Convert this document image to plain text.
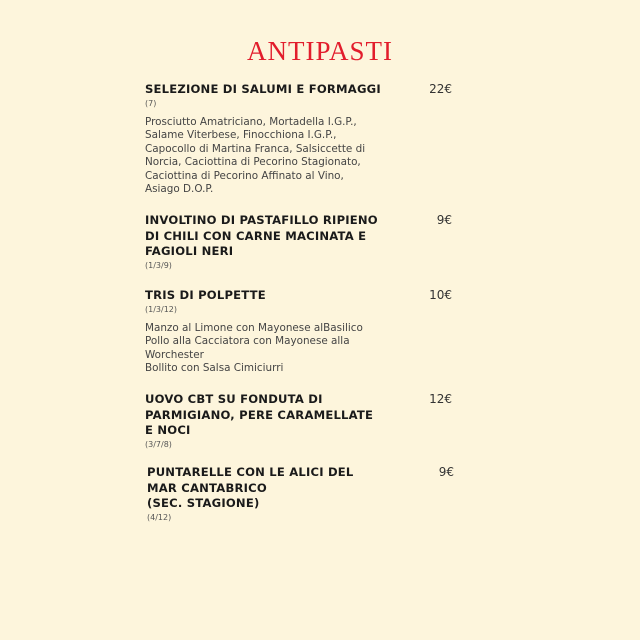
ANTIPASTI
SELEZIONE DI SALUMI E FORMAGGI	22€
(7)
Prosciutto Amatriciano, Mortadella I.G.P.,
Salame Viterbese, Finocchiona I.G.P.,
Capocollo di Martina Franca, Salsiccette di
Norcia, Caciottina di Pecorino Stagionato,
Caciottina di Pecorino Affinato al Vino,
Asiago D.O.P.
INVOLTINO DI PASTAFILLO RIPIENO
DI CHILI CON CARNE MACINATA E
FAGIOLI NERI
9€
(1/3/9)
TRIS DI POLPETTE	10€
(1/3/12)
Manzo al Limone con Mayonese alBasilico
Pollo alla Cacciatora con Mayonese alla
Worchester
Bollito con Salsa Cimiciurri
UOVO CBT SU FONDUTA DI
PARMIGIANO, PERE CARAMELLATE
E NOCI
12€
(3/7/8)
PUNTARELLE CON LE ALICI DEL
MAR CANTABRICO
(SEC. STAGIONE)
9€
(4/12)
